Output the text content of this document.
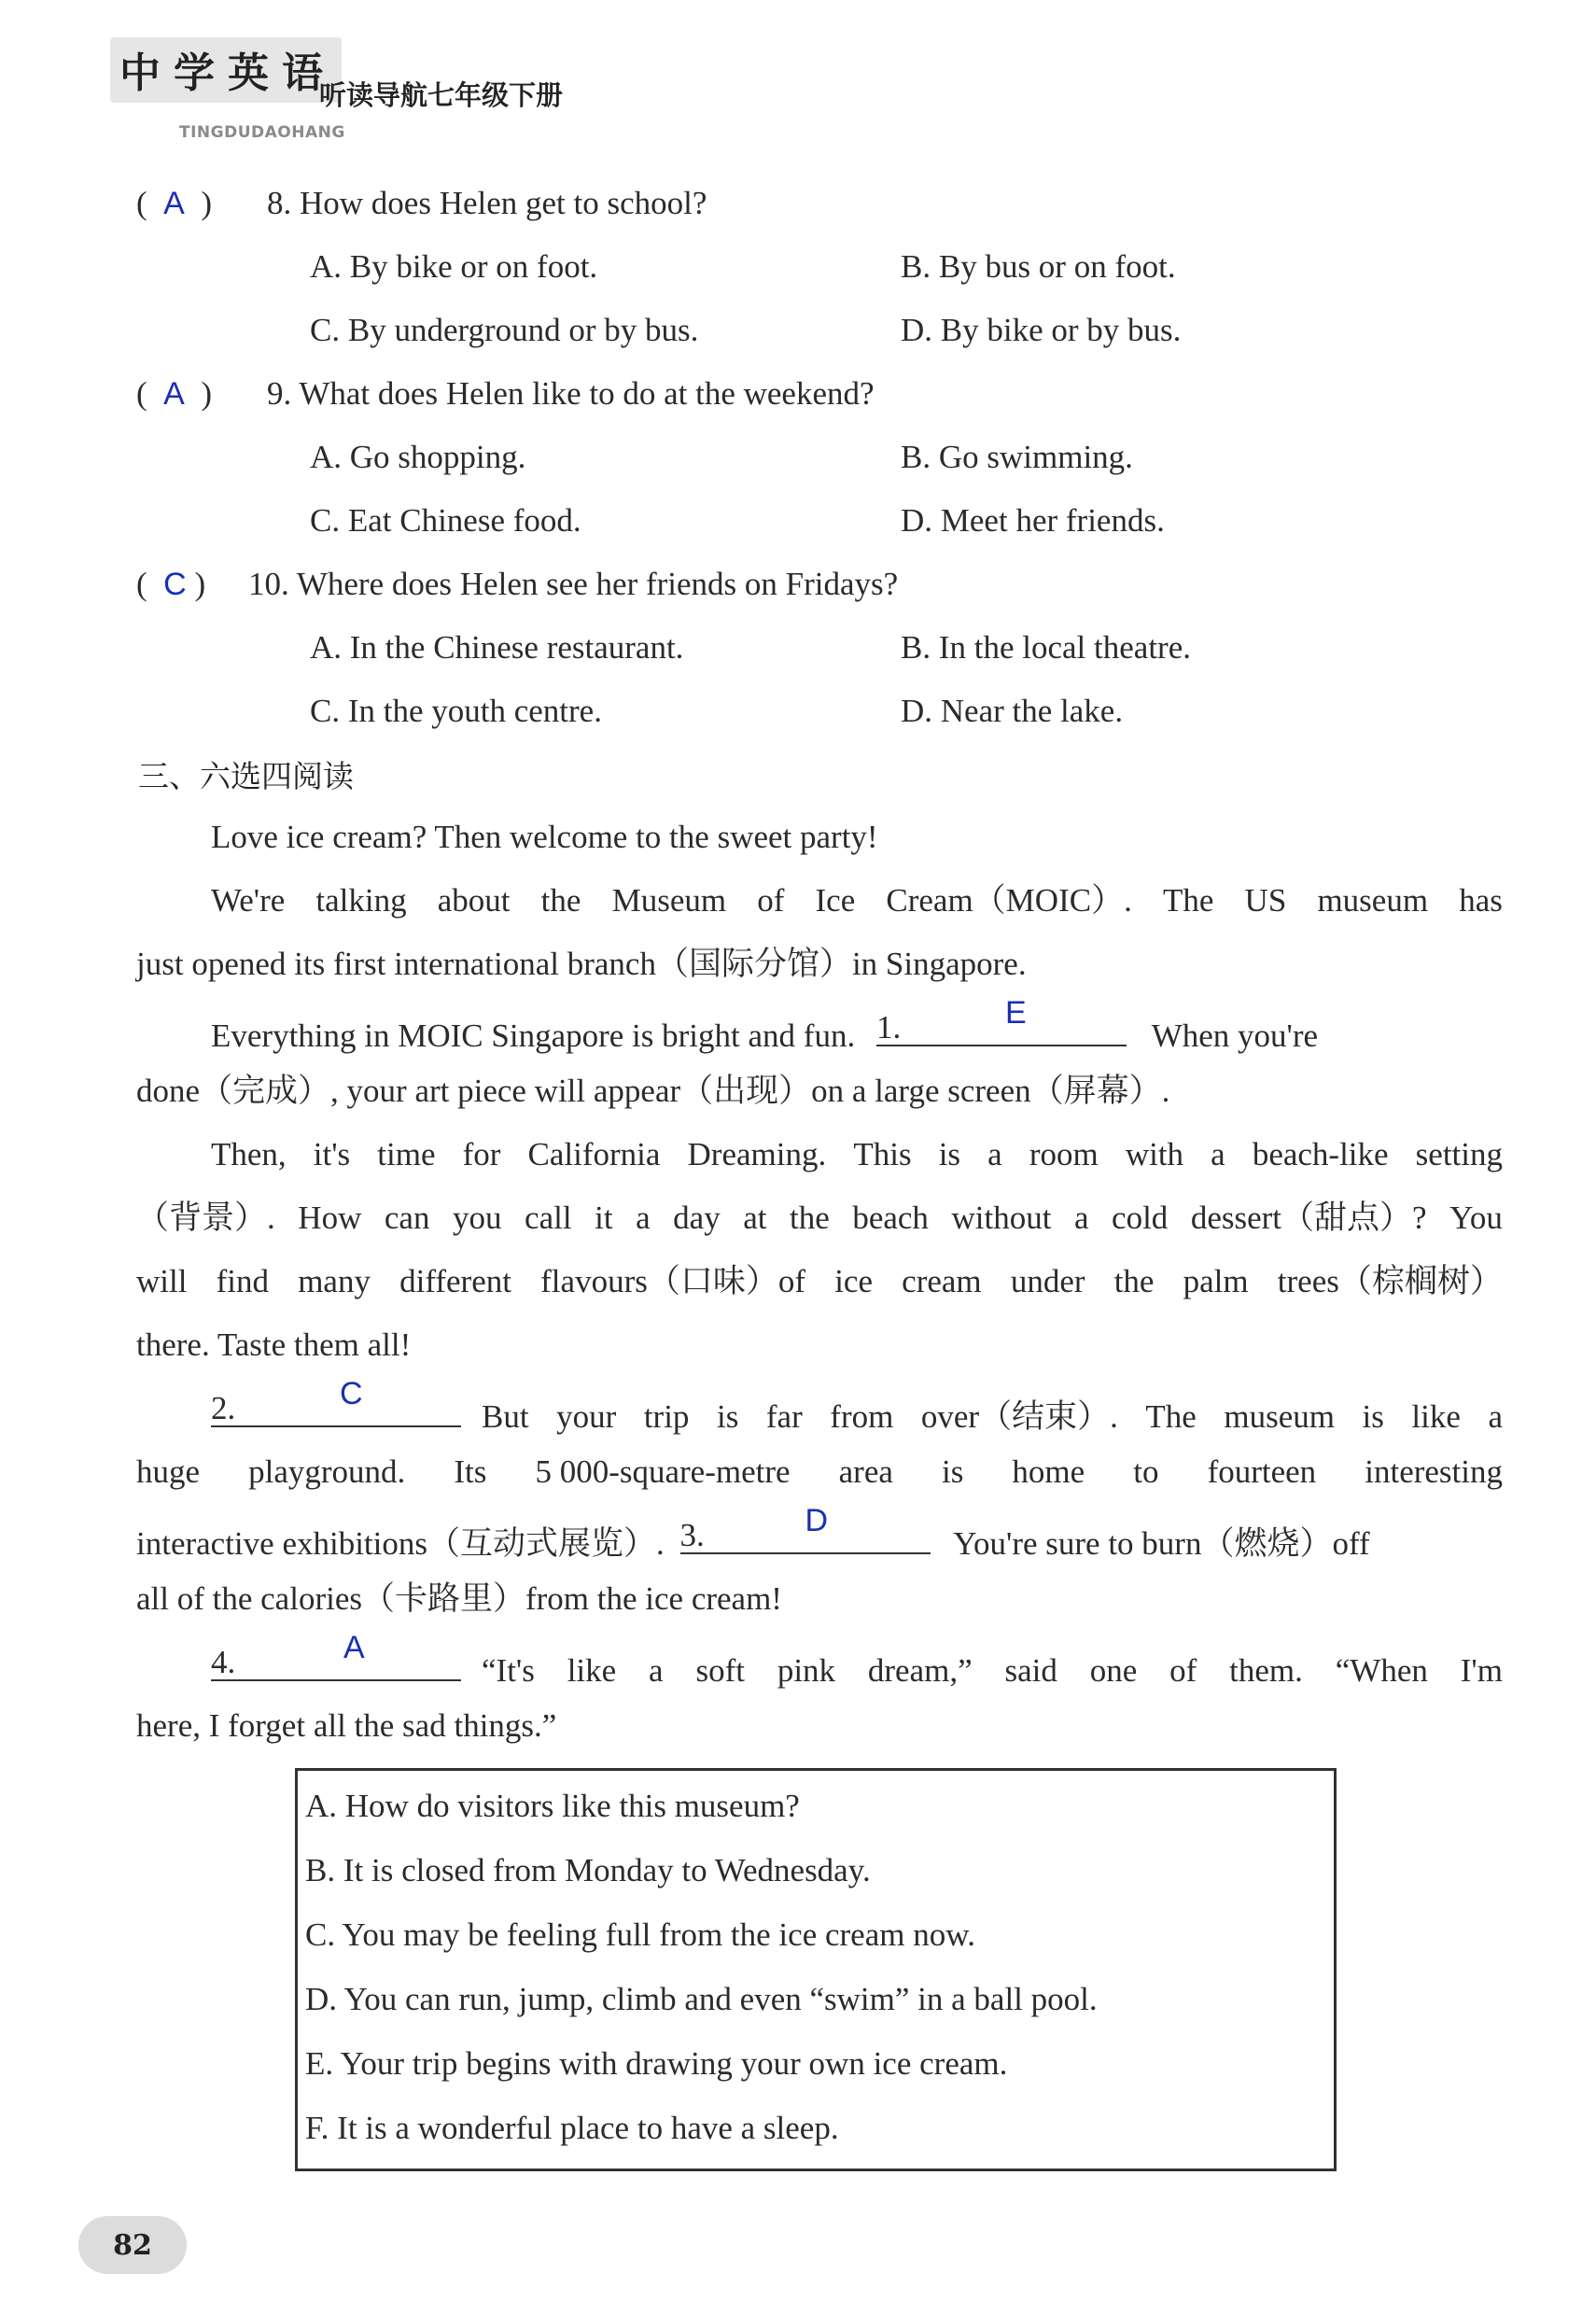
中学英语
听读导航七年级下册
TINGDUDAOHANG
(  A  ) 8. How does Helen get to school?
A. By bike or on foot.	B. By bus or on foot.
C. By underground or by bus.	D. By bike or by bus.
(  A  ) 9. What does Helen like to do at the weekend?
A. Go shopping.	B. Go swimming.
C. Eat Chinese food.	D. Meet her friends.
(  C ) 10. Where does Helen see her friends on Fridays?
A. In the Chinese restaurant.	B. In the local theatre.
C. In the youth centre.	D. Near the lake.
三、六选四阅读
Love ice cream? Then welcome to the sweet party!
We're talking about the Museum of Ice Cream（MOIC）. The US museum has
just opened its first international branch（国际分馆）in Singapore.
Everything in MOIC Singapore is bright and fun. 1.	E
When you're
done（完成）, your art piece will appear（出现）on a large screen（屏幕）.
Then, it's time for California Dreaming. This is a room with a beach-like setting
（背景）. How can you call it a day at the beach without a cold dessert（甜点）? You
will find many different flavours（口味）of ice cream under the palm trees（棕榈树）
there. Taste them all!
2.	C
But your trip is far from over（结束）. The museum is like a
huge playground. Its 5 000-square-metre area is home to fourteen interesting
interactive exhibitions（互动式展览）. 3.	D
You're sure to burn（燃烧）off
all of the calories（卡路里）from the ice cream!
4.	A
“It's like a soft pink dream,” said one of them. “When I'm
here, I forget all the sad things.”
A. How do visitors like this museum?
B. It is closed from Monday to Wednesday.
C. You may be feeling full from the ice cream now.
D. You can run, jump, climb and even “swim” in a ball pool.
E. Your trip begins with drawing your own ice cream.
F. It is a wonderful place to have a sleep.
82
